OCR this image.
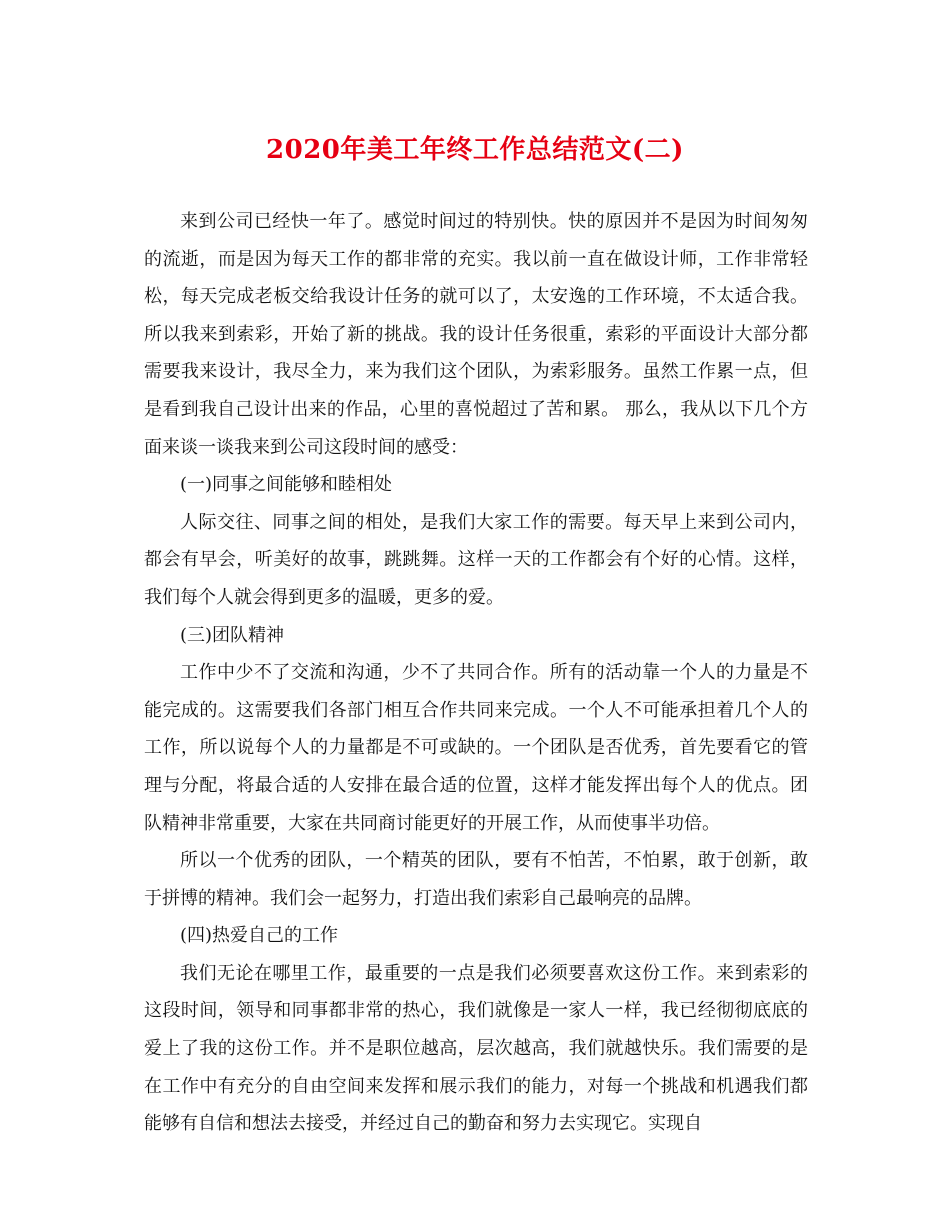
2020年美工年终工作总结范文(二)

来到公司已经快一年了。感觉时间过的特别快。快的原因并不是因为时间匆匆的流逝，而是因为每天工作的都非常的充实。我以前一直在做设计师，工作非常轻松，每天完成老板交给我设计任务的就可以了，太安逸的工作环境，不太适合我。所以我来到索彩，开始了新的挑战。我的设计任务很重，索彩的平面设计大部分都需要我来设计，我尽全力，来为我们这个团队，为索彩服务。虽然工作累一点，但是看到我自己设计出来的作品，心里的喜悦超过了苦和累。 那么，我从以下几个方面来谈一谈我来到公司这段时间的感受：

(一)同事之间能够和睦相处

人际交往、同事之间的相处，是我们大家工作的需要。每天早上来到公司内，都会有早会，听美好的故事，跳跳舞。这样一天的工作都会有个好的心情。这样，我们每个人就会得到更多的温暖，更多的爱。

(三)团队精神

工作中少不了交流和沟通，少不了共同合作。所有的活动靠一个人的力量是不能完成的。这需要我们各部门相互合作共同来完成。一个人不可能承担着几个人的工作，所以说每个人的力量都是不可或缺的。一个团队是否优秀，首先要看它的管理与分配，将最合适的人安排在最合适的位置，这样才能发挥出每个人的优点。团队精神非常重要，大家在共同商讨能更好的开展工作，从而使事半功倍。

所以一个优秀的团队，一个精英的团队，要有不怕苦，不怕累，敢于创新，敢于拼博的精神。我们会一起努力，打造出我们索彩自己最响亮的品牌。

(四)热爱自己的工作

我们无论在哪里工作，最重要的一点是我们必须要喜欢这份工作。来到索彩的这段时间，领导和同事都非常的热心，我们就像是一家人一样，我已经彻彻底底的爱上了我的这份工作。并不是职位越高，层次越高，我们就越快乐。我们需要的是在工作中有充分的自由空间来发挥和展示我们的能力，对每一个挑战和机遇我们都能够有自信和想法去接受，并经过自己的勤奋和努力去实现它。实现自
